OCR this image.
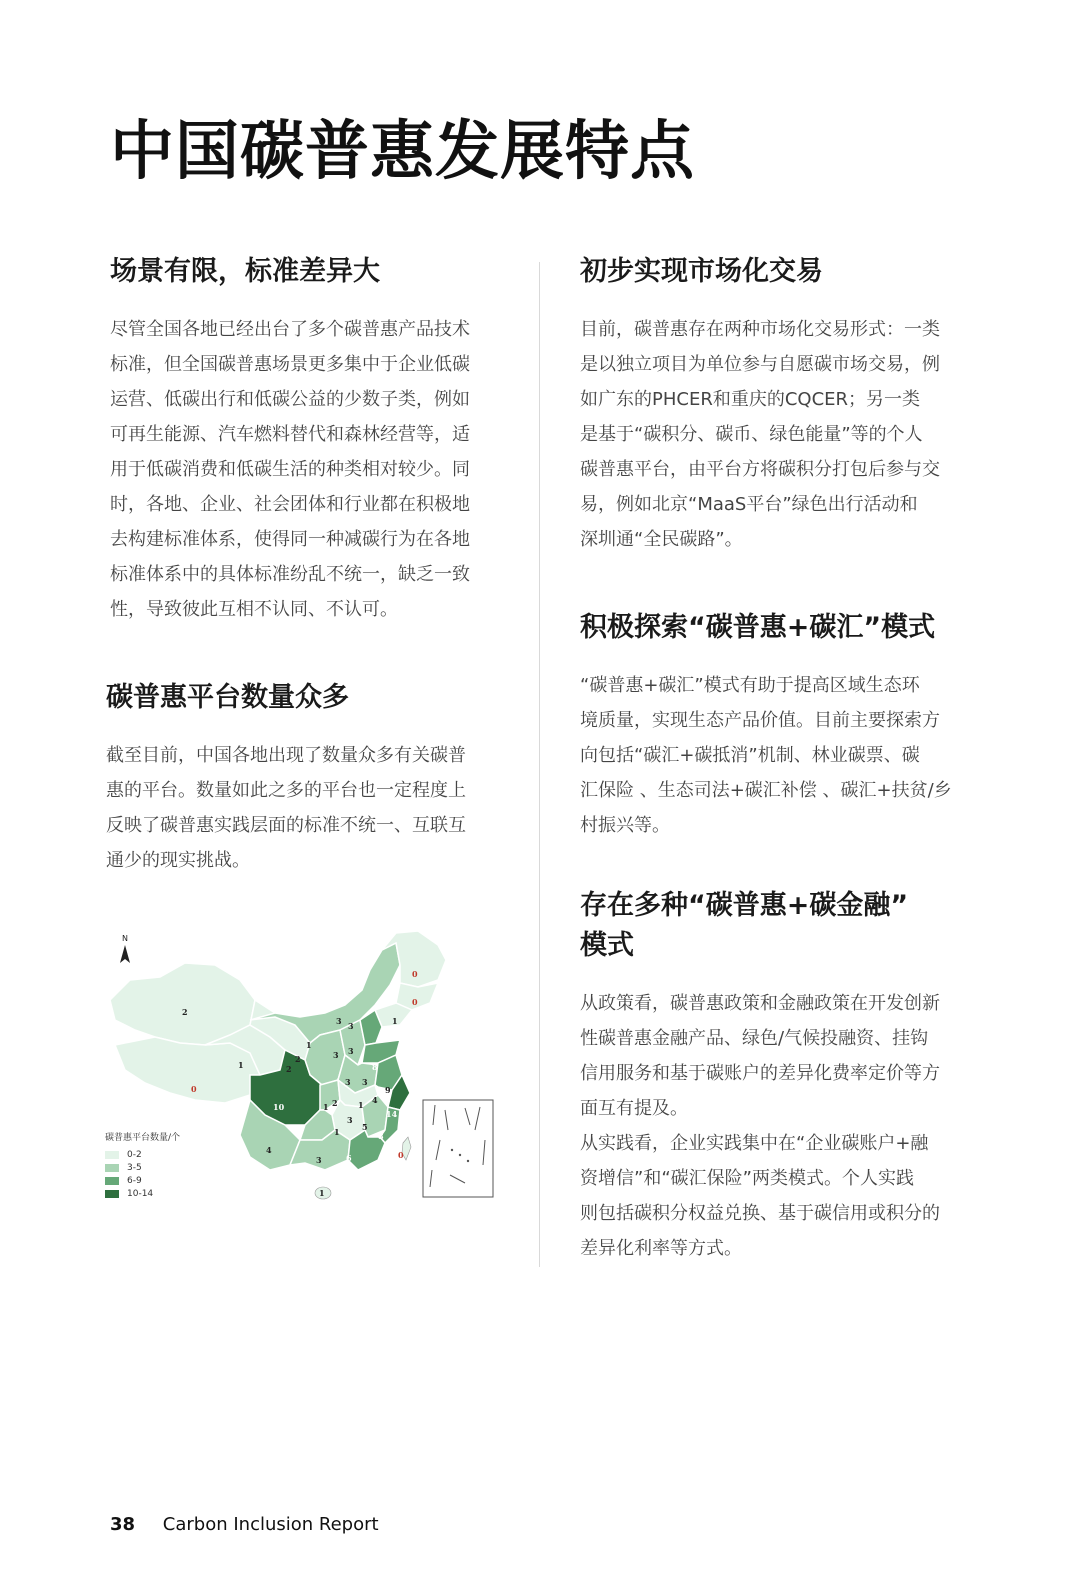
中国碳普惠发展特点
场景有限，标准差异大

尽管全国各地已经出台了多个碳普惠产品技术

标准，但全国碳普惠场景更多集中于企业低碳

运营、低碳出行和低碳公益的少数子类，例如

可再生能源、汽车燃料替代和森林经营等，适

用于低碳消费和低碳生活的种类相对较少。同

时，各地、企业、社会团体和行业都在积极地

去构建标准体系，使得同一种减碳行为在各地

标准体系中的具体标准纷乱不统一，缺乏一致

性，导致彼此互相不认同、不认可。

碳普惠平台数量众多

截至目前，中国各地出现了数量众多有关碳普

惠的平台。数量如此之多的平台也一定程度上

反映了碳普惠实践层面的标准不统一、互联互

通少的现实挑战。

N
0
0
2
3 3	1
2	3 3
1
0
1
2
3
8
3
9
4
10
14
1
3
5
4
3	6
8
0
1
1 2	1
碳普惠平台数量/个
0-2
3-5
6-9
10-14
初步实现市场化交易

目前，碳普惠存在两种市场化交易形式：一类

是以独立项目为单位参与自愿碳市场交易，例

如广东的PHCER和重庆的CQCER；另一类

是基于“碳积分、碳币、绿色能量”等的个人

碳普惠平台，由平台方将碳积分打包后参与交

易，例如北京“MaaS平台”绿色出行活动和

深圳通“全民碳路”。

积极探索“碳普惠+碳汇”模式

“碳普惠+碳汇”模式有助于提高区域生态环

境质量，实现生态产品价值。目前主要探索方

向包括“碳汇+碳抵消”机制、林业碳票、碳

汇保险 、生态司法+碳汇补偿 、碳汇+扶贫/乡

村振兴等。

存在多种“碳普惠+碳金融”
模式

从政策看，碳普惠政策和金融政策在开发创新

性碳普惠金融产品、绿色/气候投融资、挂钩

信用服务和基于碳账户的差异化费率定价等方

面互有提及。

从实践看，企业实践集中在“企业碳账户+融

资增信”和“碳汇保险”两类模式。个人实践

则包括碳积分权益兑换、基于碳信用或积分的

差异化利率等方式。

38 Carbon Inclusion Report
